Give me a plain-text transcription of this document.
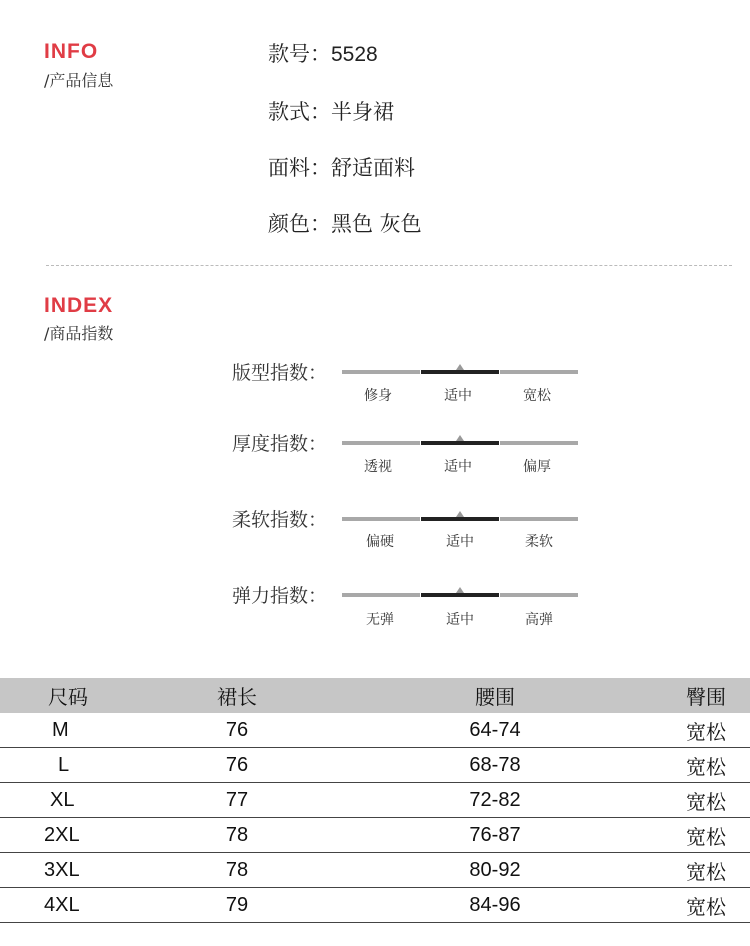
INFO
/产品信息
款号：5528
款式：半身裙
面料：舒适面料
颜色：黑色 灰色
INDEX
/商品指数
版型指数：
修身	适中	宽松
厚度指数：
透视	适中	偏厚
柔软指数：
偏硬	适中	柔软
弹力指数：
无弹	适中	高弹
尺码	裙长	腰围	臀围
M	76	64-74	宽松
L	76	68-78	宽松
XL	77	72-82	宽松
2XL	78	76-87	宽松
3XL	78	80-92	宽松
4XL	79	84-96	宽松
